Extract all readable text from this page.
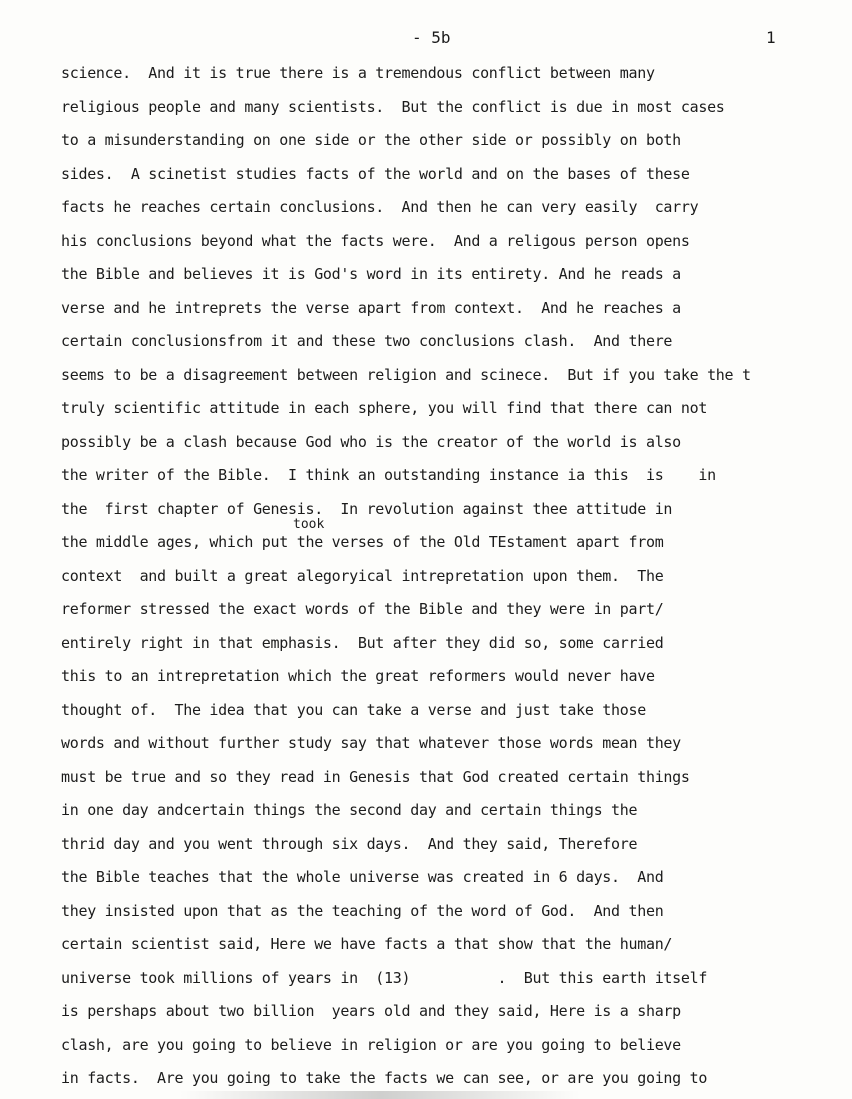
- 5b	1
took
science.  And it is true there is a tremendous conflict between many
religious people and many scientists.  But the conflict is due in most cases
to a misunderstanding on one side or the other side or possibly on both
sides.  A scinetist studies facts of the world and on the bases of these
facts he reaches certain conclusions.  And then he can very easily  carry
his conclusions beyond what the facts were.  And a religous person opens
the Bible and believes it is God's word in its entirety. And he reads a
verse and he intreprets the verse apart from context.  And he reaches a
certain conclusionsfrom it and these two conclusions clash.  And there
seems to be a disagreement between religion and scinece.  But if you take the t
truly scientific attitude in each sphere, you will find that there can not
possibly be a clash because God who is the creator of the world is also
the writer of the Bible.  I think an outstanding instance ia this  is    in
the  first chapter of Genesis.  In revolution against thee attitude in
the middle ages, which put the verses of the Old TEstament apart from
context  and built a great alegoryical intrepretation upon them.  The
reformer stressed the exact words of the Bible and they were in part/
entirely right in that emphasis.  But after they did so, some carried
this to an intrepretation which the great reformers would never have
thought of.  The idea that you can take a verse and just take those
words and without further study say that whatever those words mean they
must be true and so they read in Genesis that God created certain things
in one day andcertain things the second day and certain things the
thrid day and you went through six days.  And they said, Therefore
the Bible teaches that the whole universe was created in 6 days.  And
they insisted upon that as the teaching of the word of God.  And then
certain scientist said, Here we have facts a that show that the human/
universe took millions of years in  (13)          .  But this earth itself
is pershaps about two billion  years old and they said, Here is a sharp
clash, are you going to believe in religion or are you going to believe
in facts.  Are you going to take the facts we can see, or are you going to
